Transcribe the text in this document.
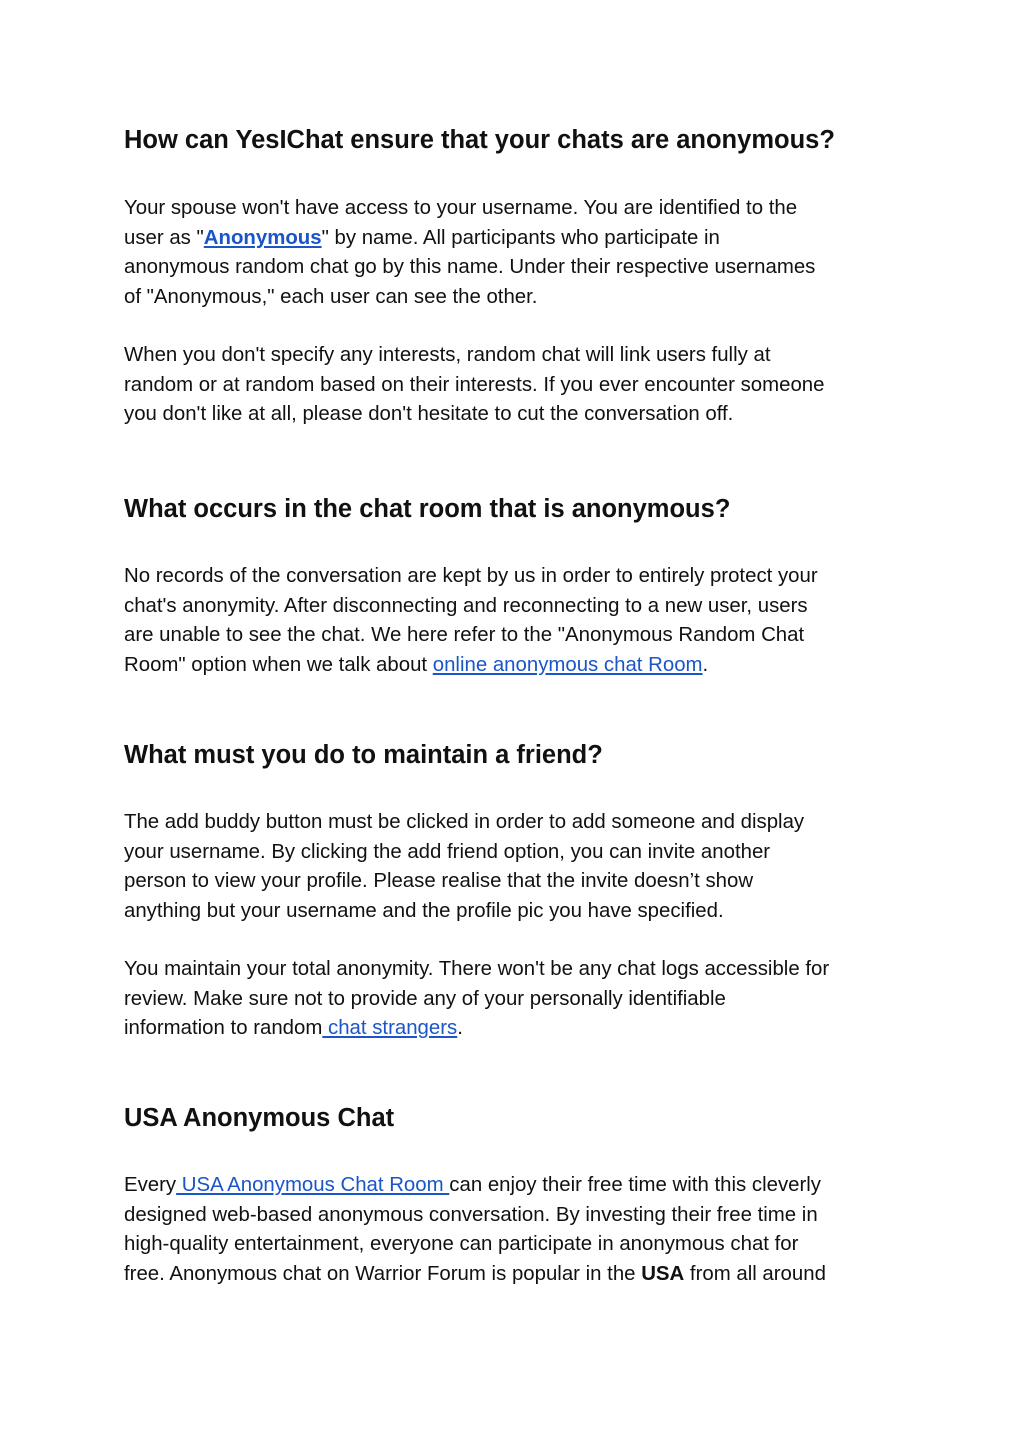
How can YesIChat ensure that your chats are anonymous?

Your spouse won't have access to your username. You are identified to the
user as "Anonymous" by name. All participants who participate in
anonymous random chat go by this name. Under their respective usernames
of "Anonymous," each user can see the other.

When you don't specify any interests, random chat will link users fully at
random or at random based on their interests. If you ever encounter someone
you don't like at all, please don't hesitate to cut the conversation off.

What occurs in the chat room that is anonymous?

No records of the conversation are kept by us in order to entirely protect your
chat's anonymity. After disconnecting and reconnecting to a new user, users
are unable to see the chat. We here refer to the "Anonymous Random Chat
Room" option when we talk about online anonymous chat Room.

What must you do to maintain a friend?

The add buddy button must be clicked in order to add someone and display
your username. By clicking the add friend option, you can invite another
person to view your profile. Please realise that the invite doesn’t show
anything but your username and the profile pic you have specified.

You maintain your total anonymity. There won't be any chat logs accessible for
review. Make sure not to provide any of your personally identifiable
information to random chat strangers.

USA Anonymous Chat

Every USA Anonymous Chat Room can enjoy their free time with this cleverly
designed web-based anonymous conversation. By investing their free time in
high-quality entertainment, everyone can participate in anonymous chat for
free. Anonymous chat on Warrior Forum is popular in the USA from all around
